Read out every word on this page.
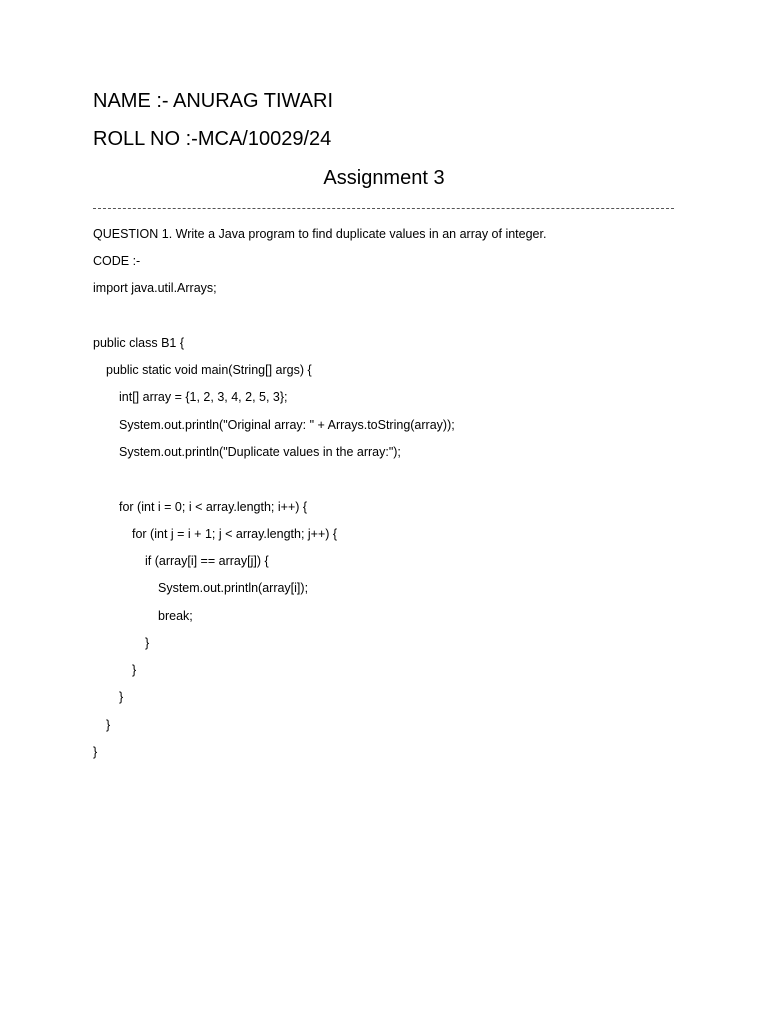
NAME :- ANURAG TIWARI
ROLL NO :-MCA/10029/24
Assignment 3
QUESTION 1. Write a Java program to find duplicate values in an array of integer.
CODE :-
import java.util.Arrays;
public class B1 {
public static void main(String[] args) {
int[] array = {1, 2, 3, 4, 2, 5, 3};
System.out.println("Original array: " + Arrays.toString(array));
System.out.println("Duplicate values in the array:");
for (int i = 0; i < array.length; i++) {
for (int j = i + 1; j < array.length; j++) {
if (array[i] == array[j]) {
System.out.println(array[i]);
break;
}
}
}
}
}
